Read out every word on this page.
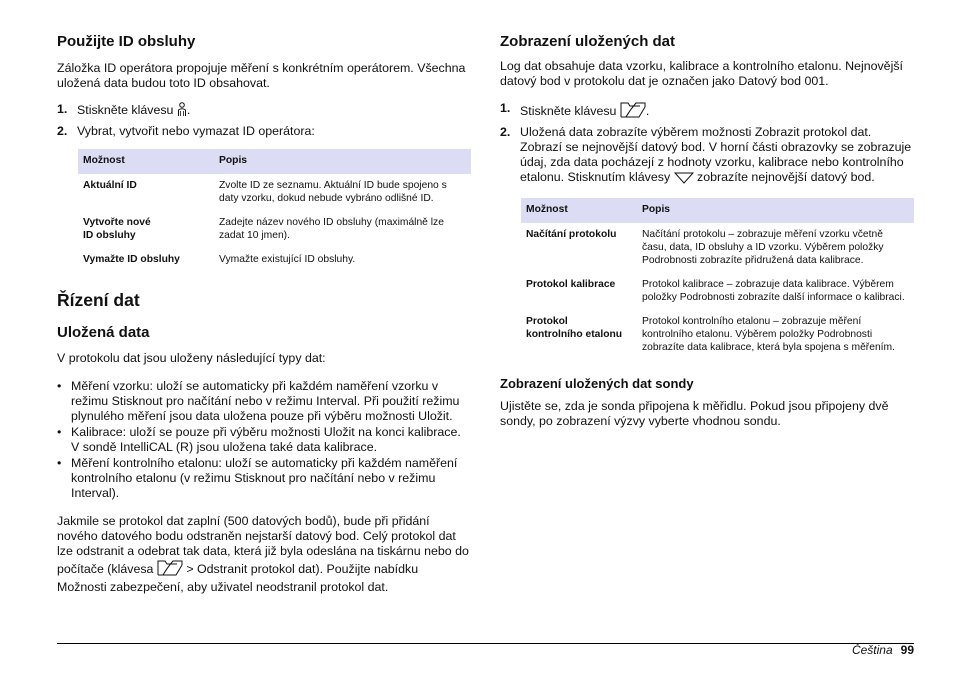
Použijte ID obsluhy

Záložka ID operátora propojuje měření s konkrétním operátorem. Všechna uložená data budou toto ID obsahovat.

1. Stiskněte klávesu .
2. Vybrat, vytvořit nebo vymazat ID operátora:
Možnost	Popis
Aktuální ID	Zvolte ID ze seznamu. Aktuální ID bude spojeno s daty vzorku, dokud nebude vybráno odlišné ID.
Vytvořte nové
ID obsluhy	Zadejte název nového ID obsluhy (maximálně lze zadat 10 jmen).
Vymažte ID obsluhy	Vymažte existující ID obsluhy.
Řízení dat
Uložená data

V protokolu dat jsou uloženy následující typy dat:

• Měření vzorku: uloží se automaticky při každém naměření vzorku v režimu Stisknout pro načítání nebo v režimu Interval. Při použití režimu plynulého měření jsou data uložena pouze při výběru možnosti Uložit.
• Kalibrace: uloží se pouze při výběru možnosti Uložit na konci kalibrace. V sondě IntelliCAL (R) jsou uložena také data kalibrace.
• Měření kontrolního etalonu: uloží se automaticky při každém naměření kontrolního etalonu (v režimu Stisknout pro načítání nebo v režimu Interval).

Jakmile se protokol dat zaplní (500 datových bodů), bude při přidání nového datového bodu odstraněn nejstarší datový bod. Celý protokol dat lze odstranit a odebrat tak data, která již byla odeslána na tiskárnu nebo do počítače (klávesa  > Odstranit protokol dat). Použijte nabídku Možnosti zabezpečení, aby uživatel neodstranil protokol dat.

Zobrazení uložených dat

Log dat obsahuje data vzorku, kalibrace a kontrolního etalonu. Nejnovější datový bod v protokolu dat je označen jako Datový bod 001.

1. Stiskněte klávesu .
2. Uložená data zobrazíte výběrem možnosti Zobrazit protokol dat. Zobrazí se nejnovější datový bod. V horní části obrazovky se zobrazuje údaj, zda data pocházejí z hodnoty vzorku, kalibrace nebo kontrolního etalonu. Stisknutím klávesy  zobrazíte nejnovější datový bod.
Možnost	Popis
Načítání protokolu	Načítání protokolu – zobrazuje měření vzorku včetně času, data, ID obsluhy a ID vzorku. Výběrem položky Podrobnosti zobrazíte přidružená data kalibrace.
Protokol kalibrace	Protokol kalibrace – zobrazuje data kalibrace. Výběrem položky Podrobnosti zobrazíte další informace o kalibraci.
Protokol
kontrolního etalonu	Protokol kontrolního etalonu – zobrazuje měření kontrolního etalonu. Výběrem položky Podrobnosti zobrazíte data kalibrace, která byla spojena s měřením.
Zobrazení uložených dat sondy

Ujistěte se, zda je sonda připojena k měřidlu. Pokud jsou připojeny dvě sondy, po zobrazení výzvy vyberte vhodnou sondu.

Čeština 99
